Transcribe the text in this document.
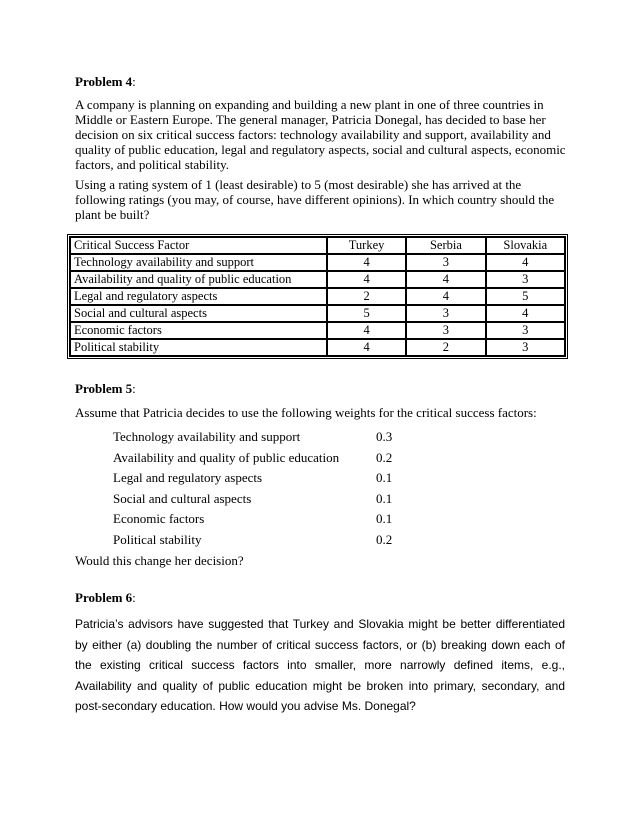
Problem 4:

A company is planning on expanding and building a new plant in one of three countries in Middle or Eastern Europe. The general manager, Patricia Donegal, has decided to base her decision on six critical success factors: technology availability and support, availability and quality of public education, legal and regulatory aspects, social and cultural aspects, economic factors, and political stability.

Using a rating system of 1 (least desirable) to 5 (most desirable) she has arrived at the following ratings (you may, of course, have different opinions). In which country should the plant be built?

Critical Success Factor	Turkey	Serbia	Slovakia
Technology availability and support	4	3	4
Availability and quality of public education	4	4	3
Legal and regulatory aspects	2	4	5
Social and cultural aspects	5	3	4
Economic factors	4	3	3
Political stability	4	2	3

Problem 5:

Assume that Patricia decides to use the following weights for the critical success factors:

Technology availability and support	0.3
Availability and quality of public education	0.2
Legal and regulatory aspects	0.1
Social and cultural aspects	0.1
Economic factors	0.1
Political stability	0.2

Would this change her decision?

Problem 6:

Patricia’s advisors have suggested that Turkey and Slovakia might be better differentiated by either (a) doubling the number of critical success factors, or (b) breaking down each of the existing critical success factors into smaller, more narrowly defined items, e.g., Availability and quality of public education might be broken into primary, secondary, and post-secondary education. How would you advise Ms. Donegal?
